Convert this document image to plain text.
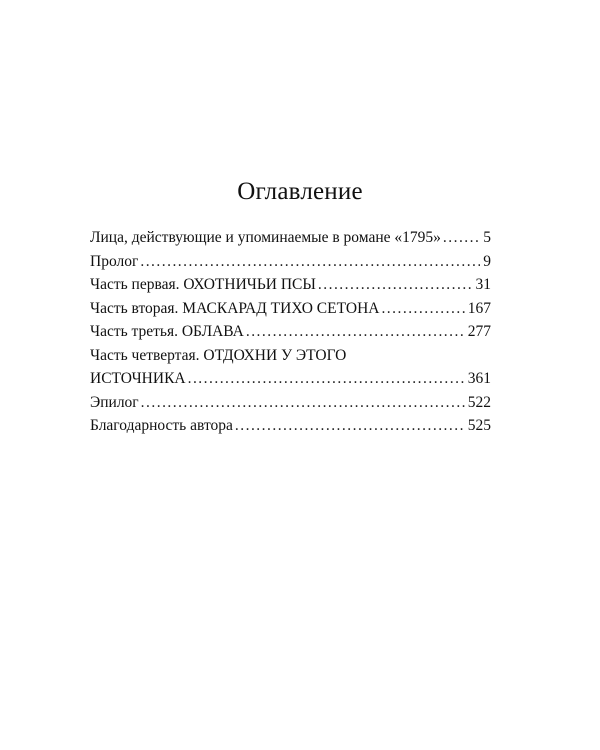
Оглавление
Лица, действующие и упоминаемые в романе «1795» . . .	5
Пролог . . .	9
Часть первая. ОХОТНИЧЬИ ПСЫ . . .	31
Часть вторая. МАСКАРАД ТИХО СЕТОНА . . .	167
Часть третья. ОБЛАВА . . .	277
Часть четвертая. ОТДОХНИ У ЭТОГО
ИСТОЧНИКА . . .	361
Эпилог . . .	522
Благодарность автора . . .	525
